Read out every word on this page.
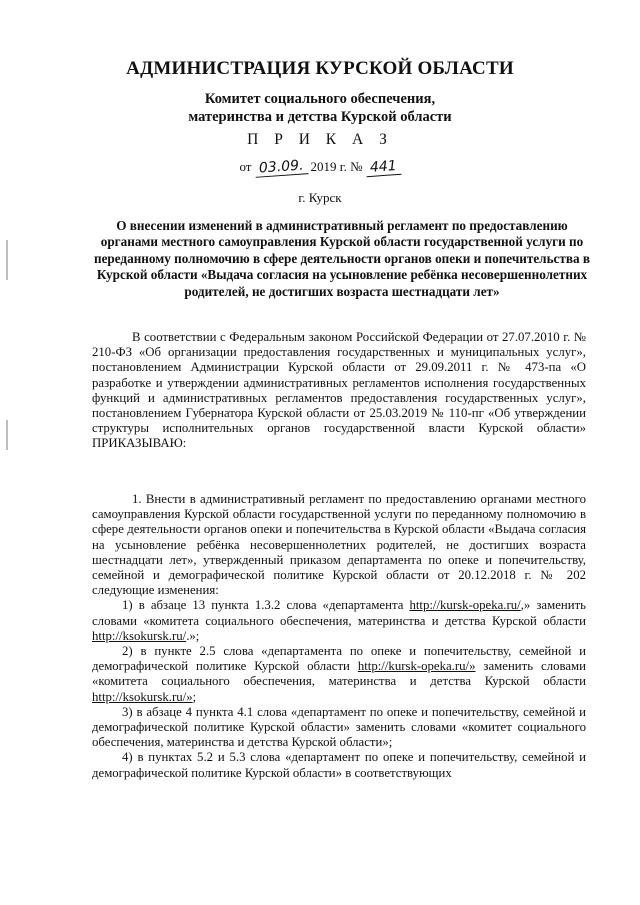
АДМИНИСТРАЦИЯ КУРСКОЙ ОБЛАСТИ
Комитет социального обеспечения,
материнства и детства Курской области
П Р И К А З
от 03.09. 2019 г. № 441
г. Курск
О внесении изменений в административный регламент по предоставлению органами местного самоуправления Курской области государственной услуги по переданному полномочию в сфере деятельности органов опеки и попечительства в Курской области «Выдача согласия на усыновление ребёнка несовершеннолетних родителей, не достигших возраста шестнадцати лет»

В соответствии с Федеральным законом Российской Федерации от 27.07.2010 г. № 210-ФЗ «Об организации предоставления государственных и муниципальных услуг», постановлением Администрации Курской области от 29.09.2011 г. № 473-па «О разработке и утверждении административных регламентов исполнения государственных функций и административных регламентов предоставления государственных услуг», постановлением Губернатора Курской области от 25.03.2019 № 110-пг «Об утверждении структуры исполнительных органов государственной власти Курской области» ПРИКАЗЫВАЮ:

1. Внести в административный регламент по предоставлению органами местного самоуправления Курской области государственной услуги по переданному полномочию в сфере деятельности органов опеки и попечительства в Курской области «Выдача согласия на усыновление ребёнка несовершеннолетних родителей, не достигших возраста шестнадцати лет», утвержденный приказом департамента по опеке и попечительству, семейной и демографической политике Курской области от 20.12.2018 г. № 202 следующие изменения:

1) в абзаце 13 пункта 1.3.2 слова «департамента http://kursk-opeka.ru/,» заменить словами «комитета социального обеспечения, материнства и детства Курской области http://ksokursk.ru/.»;

2) в пункте 2.5 слова «департамента по опеке и попечительству, семейной и демографической политике Курской области http://kursk-opeka.ru/» заменить словами «комитета социального обеспечения, материнства и детства Курской области http://ksokursk.ru/»;

3) в абзаце 4 пункта 4.1 слова «департамент по опеке и попечительству, семейной и демографической политике Курской области» заменить словами «комитет социального обеспечения, материнства и детства Курской области»;

4) в пунктах 5.2 и 5.3 слова «департамент по опеке и попечительству, семейной и демографической политике Курской области» в соответствующих
